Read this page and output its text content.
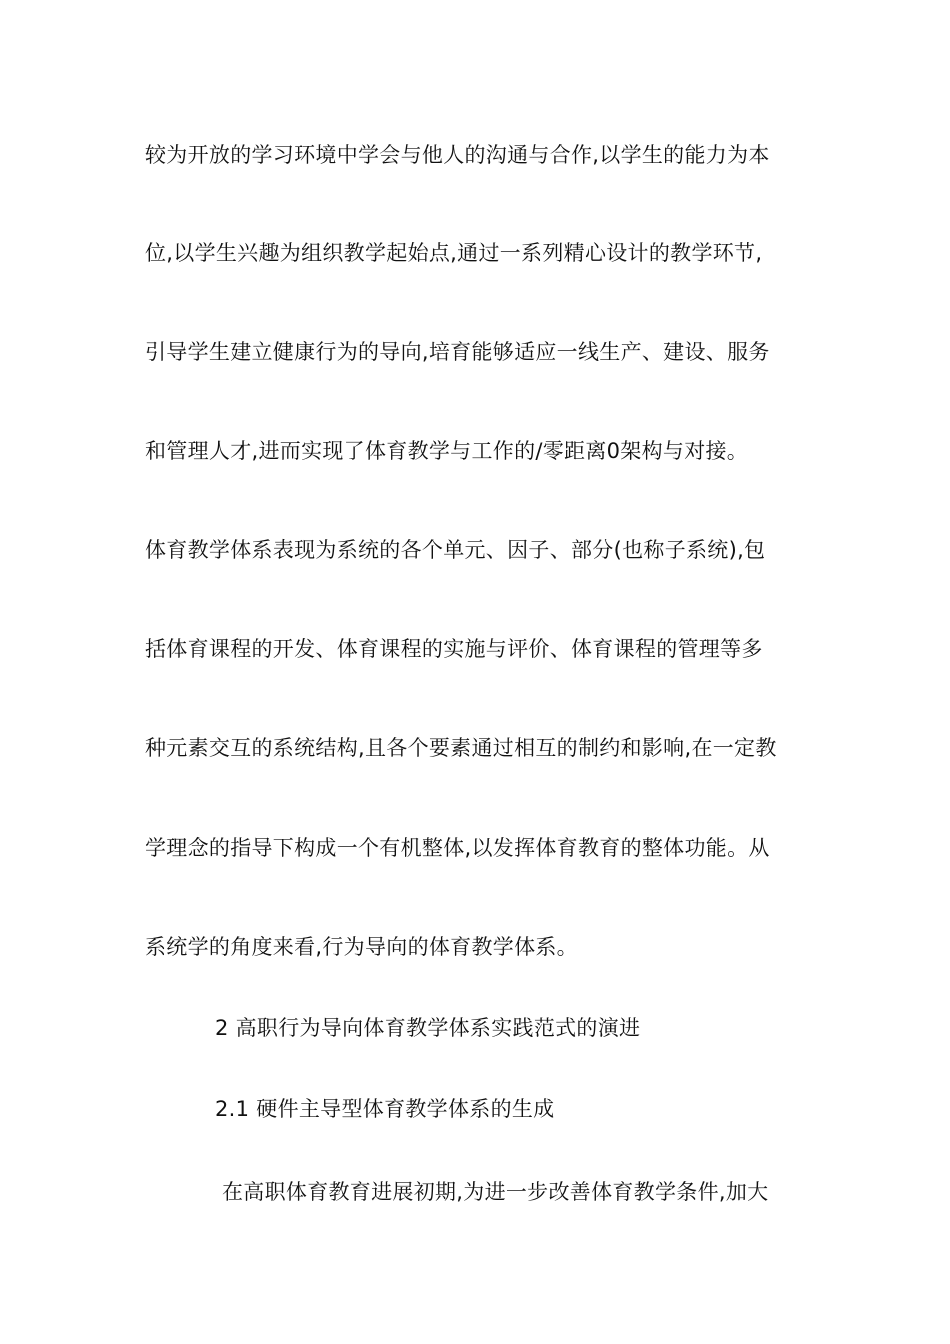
较为开放的学习环境中学会与他人的沟通与合作,以学生的能力为本
位,以学生兴趣为组织教学起始点,通过一系列精心设计的教学环节,
引导学生建立健康行为的导向,培育能够适应一线生产、建设、服务
和管理人才,进而实现了体育教学与工作的/零距离0架构与对接。
体育教学体系表现为系统的各个单元、因子、部分(也称子系统),包
括体育课程的开发、体育课程的实施与评价、体育课程的管理等多
种元素交互的系统结构,且各个要素通过相互的制约和影响,在一定教
学理念的指导下构成一个有机整体,以发挥体育教育的整体功能。从
系统学的角度来看,行为导向的体育教学体系。
2 高职行为导向体育教学体系实践范式的演进
2.1 硬件主导型体育教学体系的生成
在高职体育教育进展初期,为进一步改善体育教学条件,加大
